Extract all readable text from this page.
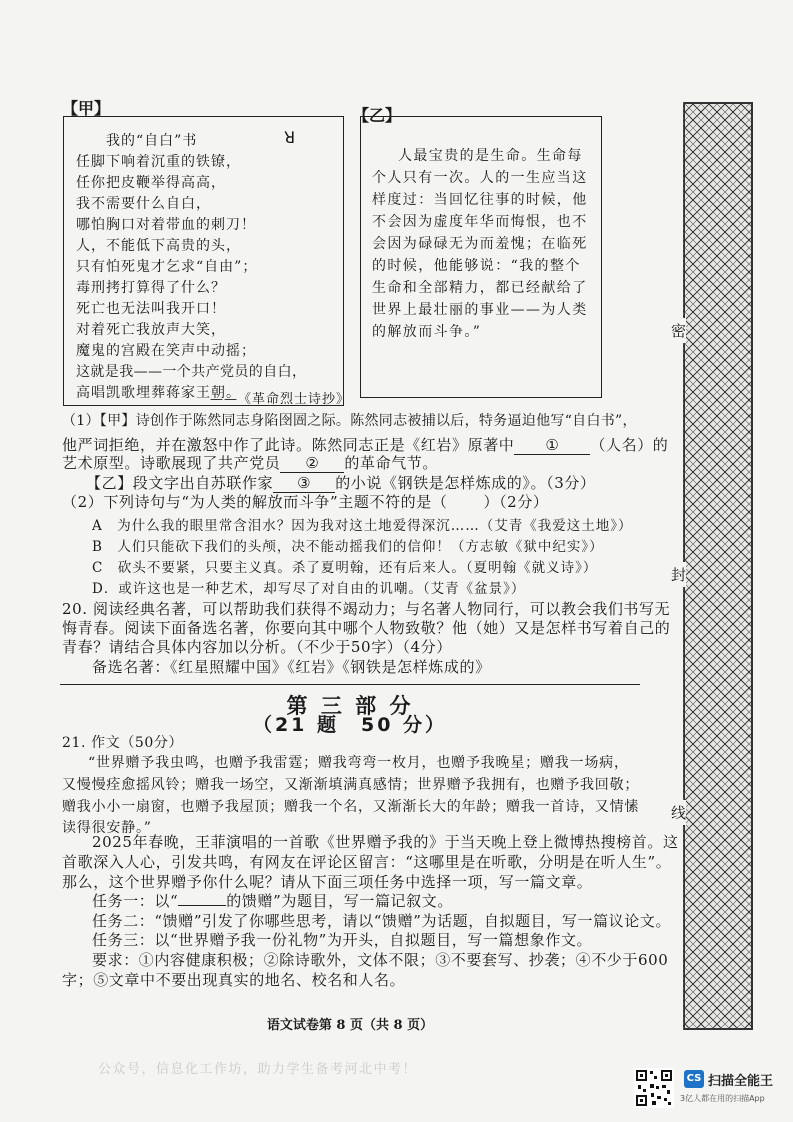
【甲】
ꓤ
我的“自白”书
任脚下响着沉重的铁镣，
任你把皮鞭举得高高，
我不需要什么自白，
哪怕胸口对着带血的刺刀！
人，不能低下高贵的头，
只有怕死鬼才乞求“自由”；
毒刑拷打算得了什么？
死亡也无法叫我开口！
对着死亡我放声大笑，
魔鬼的宫殿在笑声中动摇；
这就是我——一个共产党员的自白，
高唱凯歌埋葬蒋家王朝。
——《革命烈士诗抄》
【乙】
人最宝贵的是生命。生命每
个人只有一次。人的一生应当这
样度过：当回忆往事的时候，他
不会因为虚度年华而悔恨，也不
会因为碌碌无为而羞愧；在临死
的时候，他能够说：“我的整个
生命和全部精力，都已经献给了
世界上最壮丽的事业——为人类
的解放而斗争。”
（1）【甲】诗创作于陈然同志身陷囹圄之际。陈然同志被捕以后，特务逼迫他写“自白书”，
他严词拒绝，并在激怒中作了此诗。陈然同志正是《红岩》原著中 ① （人名）的
艺术原型。诗歌展现了共产党员 ② 的革命气节。
【乙】段文字出自苏联作家 ③ 的小说《钢铁是怎样炼成的》。（3分）
（2）下列诗句与“为人类的解放而斗争”主题不符的是（ ）（2分）
A　为什么我的眼里常含泪水？因为我对这土地爱得深沉……（艾青《我爱这土地》）
B　人们只能砍下我们的头颅，决不能动摇我们的信仰！（方志敏《狱中纪实》）
C　砍头不要紧，只要主义真。杀了夏明翰，还有后来人。（夏明翰《就义诗》）
D．或许这也是一种艺术，却写尽了对自由的讥嘲。（艾青《盆景》）
20. 阅读经典名著，可以帮助我们获得不竭动力；与名著人物同行，可以教会我们书写无
悔青春。阅读下面备选名著，你要向其中哪个人物致敬？他（她）又是怎样书写着自己的
青春？请结合具体内容加以分析。（不少于50字）（4分）
备选名著：《红星照耀中国》《红岩》《钢铁是怎样炼成的》
第 三 部 分
（21 题　50 分）
21. 作文（50分）
“世界赠予我虫鸣，也赠予我雷霆；赠我弯弯一枚月，也赠予我晚星；赠我一场病，
又慢慢痊愈摇风铃；赠我一场空，又渐渐填满真感情；世界赠予我拥有，也赠予我回敬；
赠我小小一扇窗，也赠予我屋顶；赠我一个名，又渐渐长大的年龄；赠我一首诗，又情愫
读得很安静。”
2025年春晚，王菲演唱的一首歌《世界赠予我的》于当天晚上登上微博热搜榜首。这
首歌深入人心，引发共鸣，有网友在评论区留言：“这哪里是在听歌，分明是在听人生”。
那么，这个世界赠予你什么呢？请从下面三项任务中选择一项，写一篇文章。
任务一：以“	的馈赠”为题目，写一篇记叙文。
任务二：“馈赠”引发了你哪些思考，请以“馈赠”为话题，自拟题目，写一篇议论文。
任务三：以“世界赠予我一份礼物”为开头，自拟题目，写一篇想象作文。
要求：①内容健康积极；②除诗歌外，文体不限；③不要套写、抄袭；④不少于600
字；⑤文章中不要出现真实的地名、校名和人名。
密
封
线
语文试卷第 8 页（共 8 页）
公众号，信息化工作坊，助力学生备考河北中考！
CS 扫描全能王
3亿人都在用的扫描App
